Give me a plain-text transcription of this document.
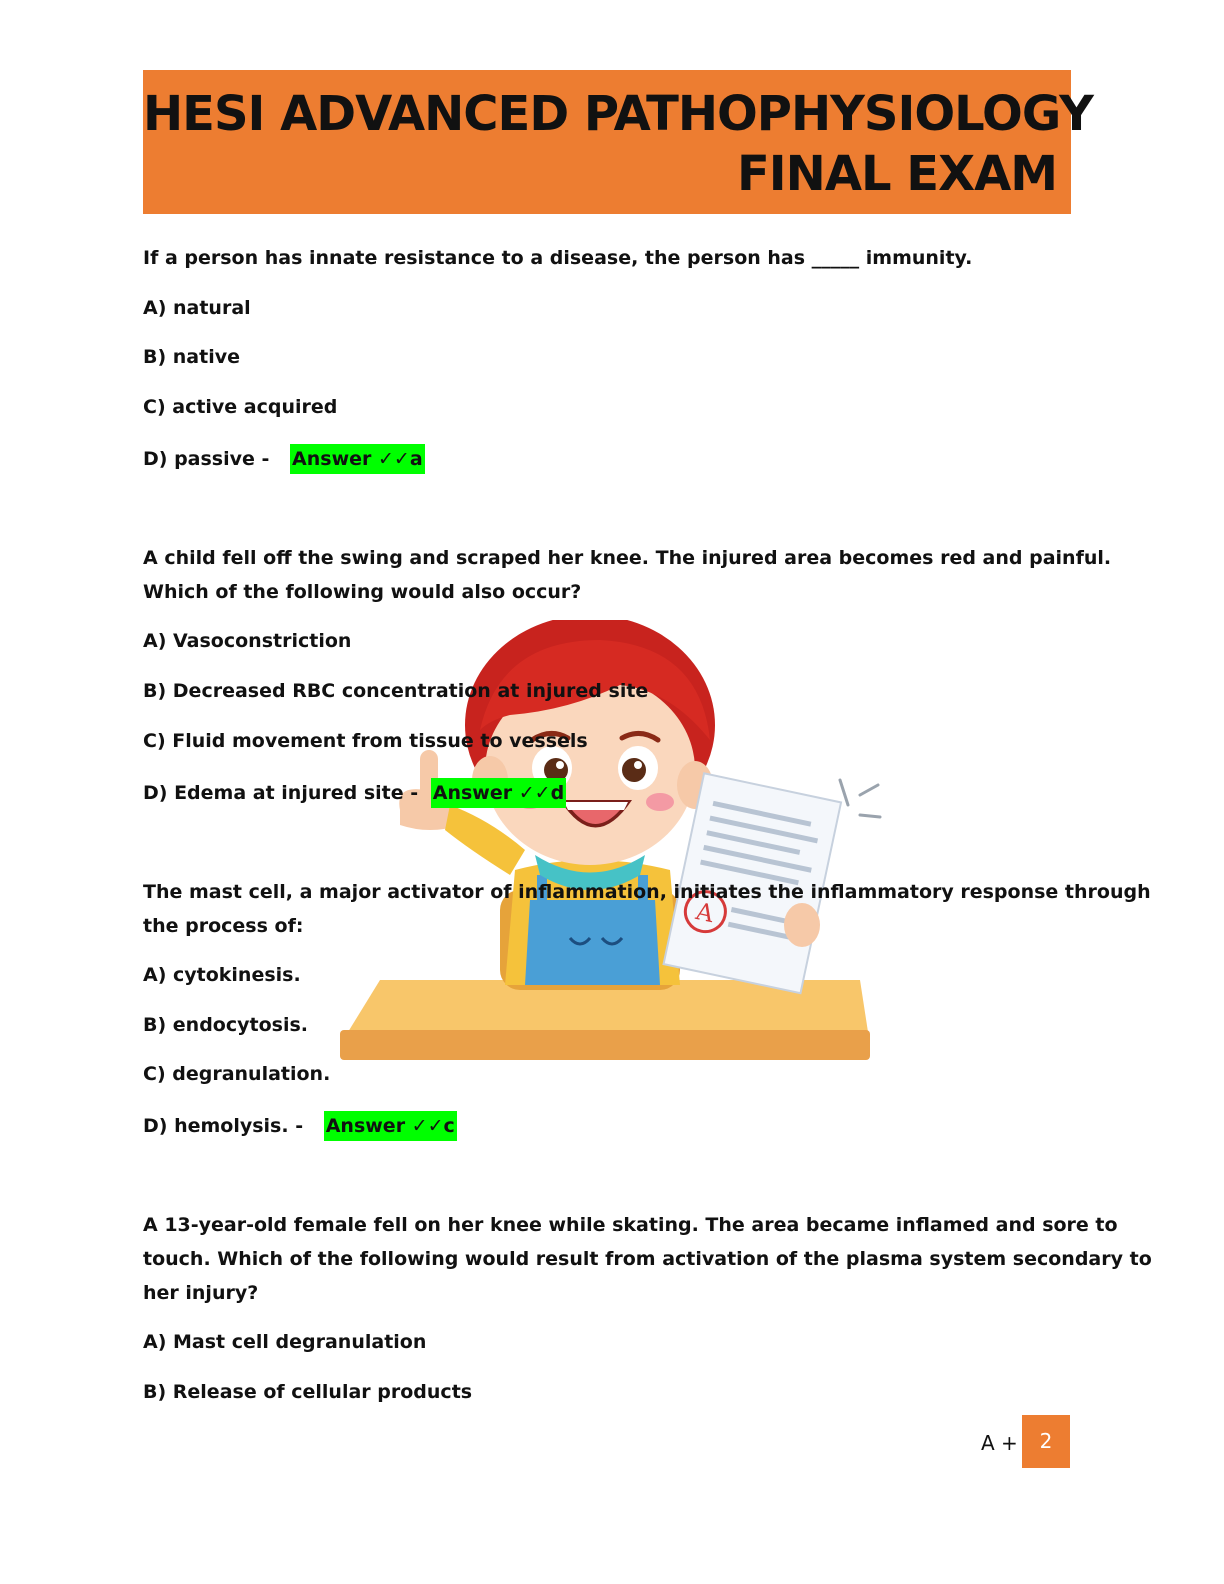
HESI ADVANCED PATHOPHYSIOLOGY
FINAL EXAM
If a person has innate resistance to a disease, the person has _____ immunity.
A) natural
B) native
C) active acquired
D) passive - Answer ✓✓a
A child fell off the swing and scraped her knee. The injured area becomes red and painful.
Which of the following would also occur?
A
A) Vasoconstriction
B) Decreased RBC concentration at injured site
C) Fluid movement from tissue to vessels
D) Edema at injured site - Answer ✓✓d
The mast cell, a major activator of inflammation, initiates the inflammatory response through
the process of:
A) cytokinesis.
B) endocytosis.
C) degranulation.
D) hemolysis. - Answer ✓✓c
A 13-year-old female fell on her knee while skating. The area became inflamed and sore to
touch. Which of the following would result from activation of the plasma system secondary to
her injury?
A) Mast cell degranulation
B) Release of cellular products
A +	2
